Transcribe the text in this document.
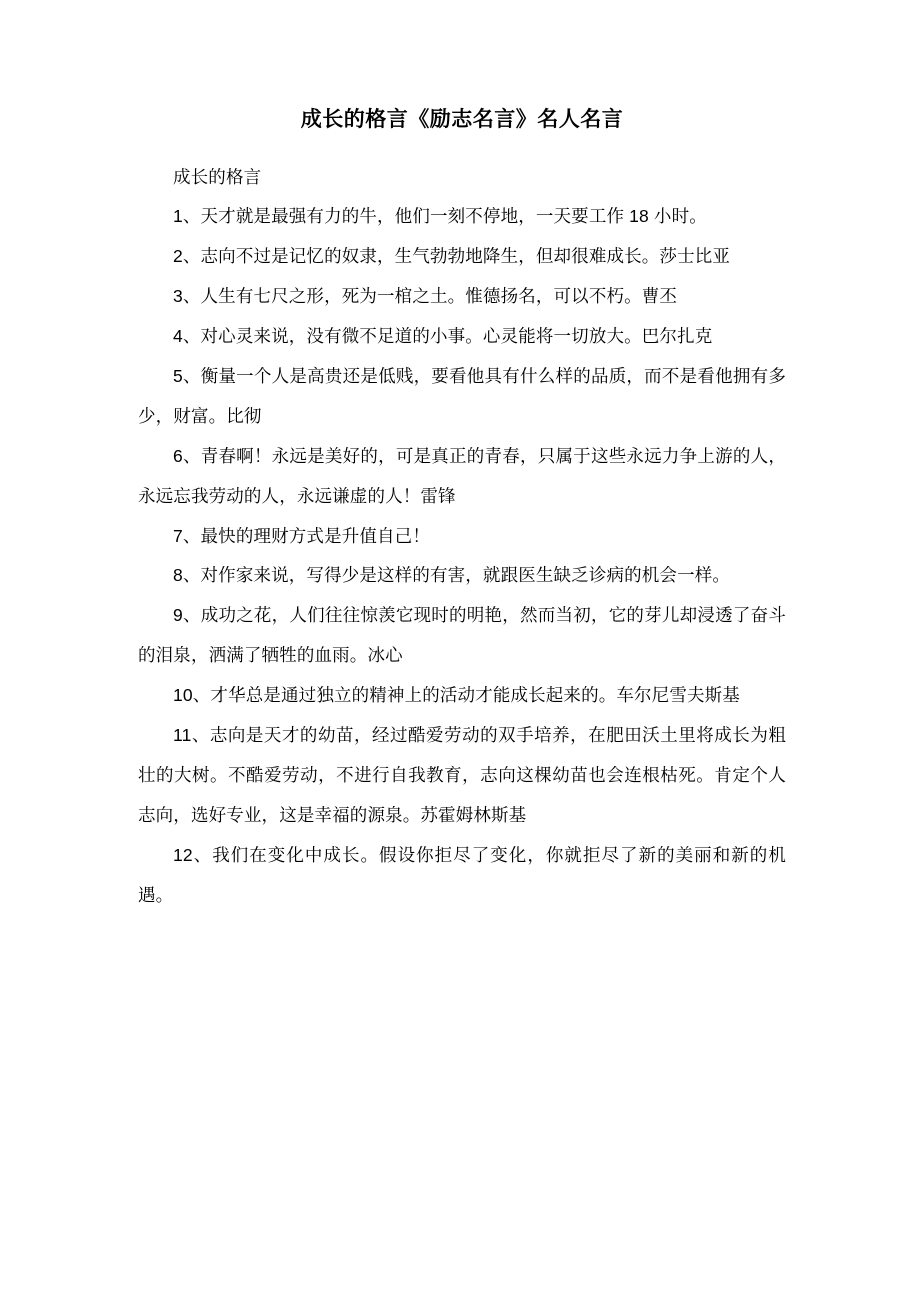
成长的格言《励志名言》名人名言

成长的格言

1、天才就是最强有力的牛，他们一刻不停地，一天要工作 18 小时。

2、志向不过是记忆的奴隶，生气勃勃地降生，但却很难成长。莎士比亚

3、人生有七尺之形，死为一棺之土。惟德扬名，可以不朽。曹丕

4、对心灵来说，没有微不足道的小事。心灵能将一切放大。巴尔扎克

5、衡量一个人是高贵还是低贱，要看他具有什么样的品质，而不是看他拥有多少，财富。比彻

6、青春啊！永远是美好的，可是真正的青春，只属于这些永远力争上游的人，永远忘我劳动的人，永远谦虚的人！雷锋

7、最快的理财方式是升值自己！

8、对作家来说，写得少是这样的有害，就跟医生缺乏诊病的机会一样。

9、成功之花，人们往往惊羡它现时的明艳，然而当初，它的芽儿却浸透了奋斗的泪泉，洒满了牺牲的血雨。冰心

10、才华总是通过独立的精神上的活动才能成长起来的。车尔尼雪夫斯基

11、志向是天才的幼苗，经过酷爱劳动的双手培养，在肥田沃土里将成长为粗壮的大树。不酷爱劳动，不进行自我教育，志向这棵幼苗也会连根枯死。肯定个人志向，选好专业，这是幸福的源泉。苏霍姆林斯基

12、我们在变化中成长。假设你拒尽了变化，你就拒尽了新的美丽和新的机遇。
